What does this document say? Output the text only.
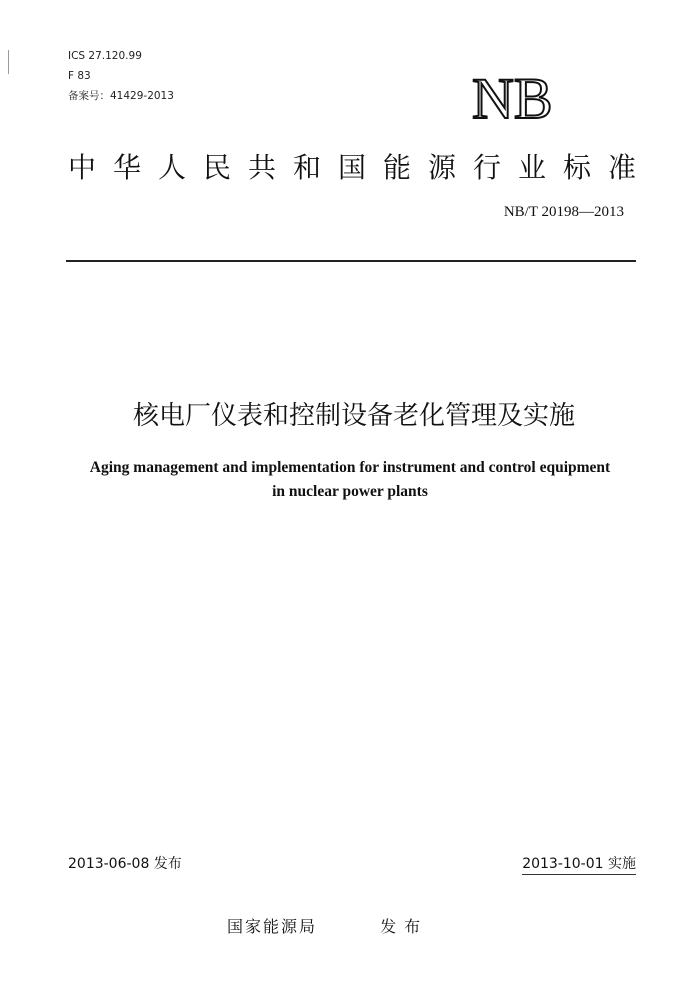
ICS 27.120.99
F 83
备案号：41429-2013	NB
中华人民共和国能源行业标准
NB/T 20198—2013
核电厂仪表和控制设备老化管理及实施
Aging management and implementation for instrument and control equipment
in nuclear power plants
2013-06-08 发布	2013-10-01 实施
国家能源局	发布
